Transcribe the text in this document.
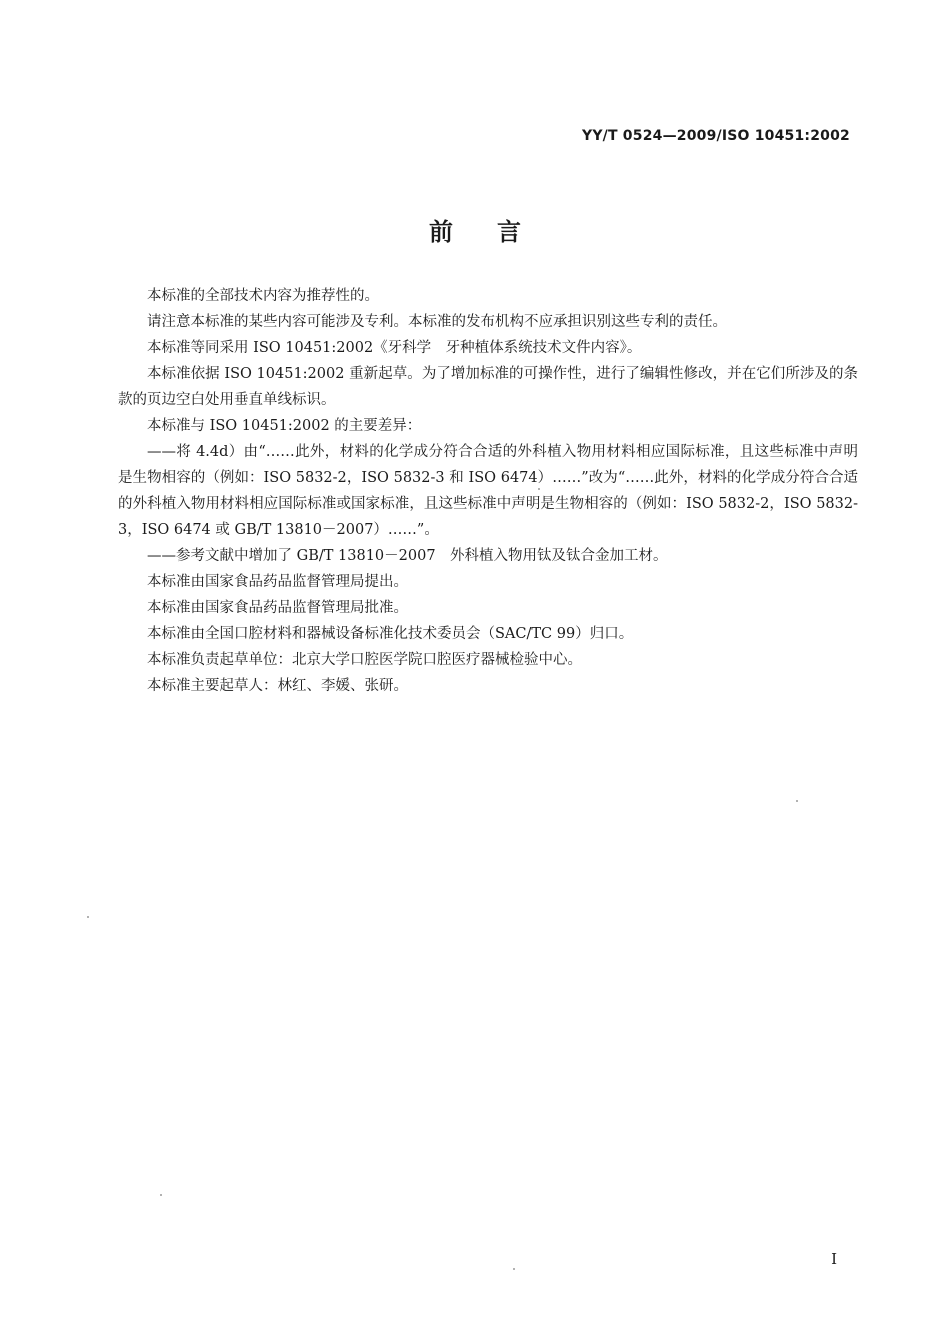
YY/T 0524—2009/ISO 10451:2002
前言

本标准的全部技术内容为推荐性的。

请注意本标准的某些内容可能涉及专利。本标准的发布机构不应承担识别这些专利的责任。

本标准等同采用 ISO 10451:2002《牙科学　牙种植体系统技术文件内容》。

本标准依据 ISO 10451:2002 重新起草。为了增加标准的可操作性，进行了编辑性修改，并在它们所涉及的条款的页边空白处用垂直单线标识。

本标准与 ISO 10451:2002 的主要差异：

——将 4.4d）由“……此外，材料的化学成分符合合适的外科植入物用材料相应国际标准，且这些标准中声明是生物相容的（例如：ISO 5832-2，ISO 5832-3 和 ISO 6474）……”改为“……此外，材料的化学成分符合合适的外科植入物用材料相应国际标准或国家标准，且这些标准中声明是生物相容的（例如：ISO 5832-2，ISO 5832-3，ISO 6474 或 GB/T 13810－2007）……”。

——参考文献中增加了 GB/T 13810－2007　外科植入物用钛及钛合金加工材。

本标准由国家食品药品监督管理局提出。

本标准由国家食品药品监督管理局批准。

本标准由全国口腔材料和器械设备标准化技术委员会（SAC/TC 99）归口。

本标准负责起草单位：北京大学口腔医学院口腔医疗器械检验中心。

本标准主要起草人：林红、李媛、张研。

I
